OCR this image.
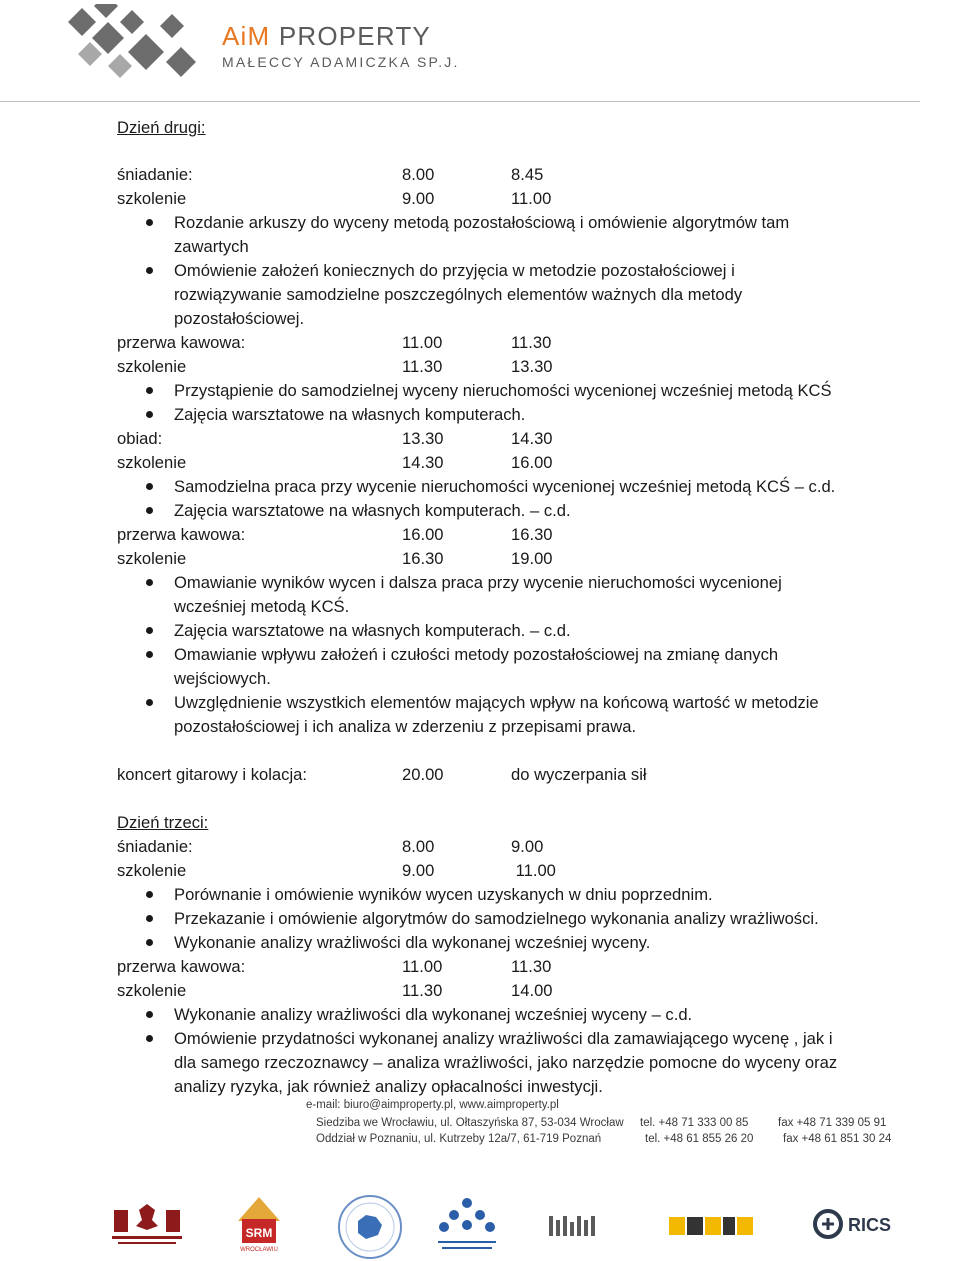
AiM PROPERTY
MAŁECCY ADAMICZKA SP.J.
Dzień drugi:
śniadanie:	8.00	8.45
szkolenie	9.00	11.00
Rozdanie arkuszy do wyceny metodą pozostałościową i omówienie algorytmów tam
zawartych
Omówienie założeń koniecznych do przyjęcia w metodzie pozostałościowej i
rozwiązywanie samodzielne poszczególnych elementów ważnych dla metody
pozostałościowej.
przerwa kawowa:	11.00	11.30
szkolenie	11.30	13.30
Przystąpienie do samodzielnej wyceny nieruchomości wycenionej wcześniej metodą KCŚ
Zajęcia warsztatowe na własnych komputerach.
obiad:	13.30	14.30
szkolenie	14.30	16.00
Samodzielna praca przy wycenie nieruchomości wycenionej wcześniej metodą KCŚ – c.d.
Zajęcia warsztatowe na własnych komputerach. – c.d.
przerwa kawowa:	16.00	16.30
szkolenie	16.30	19.00
Omawianie wyników wycen i dalsza praca przy wycenie nieruchomości wycenionej
wcześniej metodą KCŚ.
Zajęcia warsztatowe na własnych komputerach. – c.d.
Omawianie wpływu założeń i czułości metody pozostałościowej na zmianę danych
wejściowych.
Uwzględnienie wszystkich elementów mających wpływ na końcową wartość w metodzie
pozostałościowej i ich analiza w zderzeniu z przepisami prawa.
koncert gitarowy i kolacja:	20.00	do wyczerpania sił
Dzień trzeci:
śniadanie:	8.00	9.00
szkolenie	9.00	11.00
Porównanie i omówienie wyników wycen uzyskanych w dniu poprzednim.
Przekazanie i omówienie algorytmów do samodzielnego wykonania analizy wrażliwości.
Wykonanie analizy wrażliwości dla wykonanej wcześniej wyceny.
przerwa kawowa:	11.00	11.30
szkolenie	11.30	14.00
Wykonanie analizy wrażliwości dla wykonanej wcześniej wyceny – c.d.
Omówienie przydatności wykonanej analizy wrażliwości dla zamawiającego wycenę , jak i
dla samego rzeczoznawcy – analiza wrażliwości, jako narzędzie pomocne do wyceny oraz
analizy ryzyka, jak również analizy opłacalności inwestycji.
e-mail: biuro@aimproperty.pl, www.aimproperty.pl
Siedziba we Wrocławiu, ul. Ołtaszyńska 87, 53-034 Wrocław tel. +48 71 333 00 85	fax +48 71 339 05 91
Oddział w Poznaniu, ul. Kutrzeby 12a/7, 61-719 Poznań	tel. +48 61 855 26 20	fax +48 61 851 30 24
SRM
WROCŁAWIU
RICS
